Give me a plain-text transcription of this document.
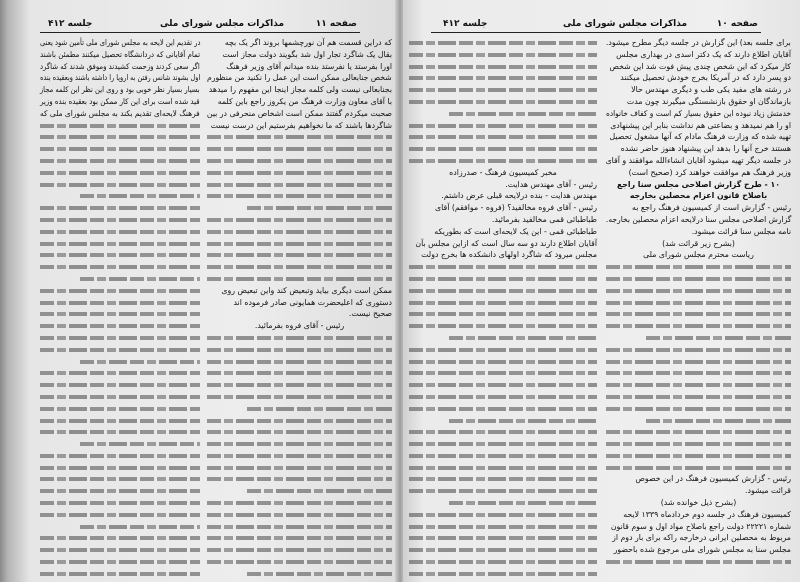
صفحه ۱۱
مذاکرات مجلس شورای ملی
جلسه ۴۱۲
که دراین قسمت هم آن نورچشمها بروند اگر یک بچه
بقال یک شاگرد تجار اول شد بگویند دولت مجاز است
اورا بفرستد یا نفرستد بنده میدانم آقای وزیر فرهنگ
شخص جنابعالی ممکن است این عمل را نکنید من منظورم
بجنابعالی نیست ولی کلمه مجاز اینجا این مفهوم را میدهد
با آقای معاون وزارت فرهنگ من یکروز راجع باین کلمه
صحبت میکردم گفتند ممکن است اشخاص منحرفی در بین
شاگردها باشند که ما نخواهیم بفرستیم این درست نیست
ممکن است دیگری بیاید وتبعیض کند واین تبعیض روی
دستوری که اعلیحضرت همایونی صادر فرموده اند
صحیح نیست.
رئیس - آقای فروه بفرمائید.
در تقدیم این لایحه به مجلس شورای ملی تأمین شود یعنی
تمام آقایانی که دردانشگاه تحصیل میکنند مطمئن باشند
اگر سعی کردند وزحمت کشیدند وموفق شدند که شاگرد
اول بشوند شانس رفتن به اروپا را داشته باشند وبعقیده بنده
بسیار بسیار نظر خوبی بود و روی این نظر این کلمه مجاز
قید شده است برای این کار ممکن بود بعقیده بنده وزیر
فرهنگ لایحه‌ای تقدیم بکند به مجلس شورای ملی که
صفحه ۱۰
مذاکرات مجلس شورای ملی
جلسه ۴۱۲
برای جلسه بعد) این گزارش در جلسه دیگر مطرح میشود.
آقایان اطلاع دارند که یک دکتر اسدی در بهداری مجلس
کار میکرد که این شخص چندی پیش فوت شد این شخص
دو پسر دارد که در آمریکا بخرج خودش تحصیل میکنند
در رشته های مفید یکی طب و دیگری مهندس حالا
بازماندگان او حقوق بازنشستگی میگیرند چون مدت
خدمتش زیاد نبوده این حقوق بسیار کم است و کفاف خانواده
او را هم نمیدهد و بضاعتی هم نداشت بنابر این پیشنهادی
تهیه شده که وزارت فرهنگ مادام که آنها مشغول تحصیل
هستند خرج آنها را بدهد این پیشنهاد هنوز حاضر نشده
در جلسه دیگر تهیه میشود آقایان انشاءالله موافقند و آقای
وزیر فرهنگ هم موافقت خواهند کرد (صحیح است)
۱۰ - طرح گزارش اصلاحی مجلس سنا راجع
باصلاح قانون اعزام محصلین بخارجه
رئیس - گزارش است از کمیسیون فرهنگ راجع به
گزارش اصلاحی مجلس سنا درلایحه اعزام محصلین بخارجه.
نامه مجلس سنا قرائت میشود.
(بشرح زیر قرائت شد)
ریاست محترم مجلس شورای ملی
رئیس - گزارش کمیسیون فرهنگ در این خصوص
قرائت میشود.
(بشرح ذیل خوانده شد)
کمیسیون فرهنگ در جلسه دوم خردادماه ۱۳۳۹ لایحه
شماره ۲۲۲۲۱ دولت راجع باصلاح مواد اول و سوم قانون
مربوط به محصلین ایرانی درخارجه راکه برای بار دوم از
مجلس سنا به مجلس شورای ملی مرجوع شده باحضور
مخبر کمیسیون فرهنگ - صدرزاده
رئیس - آقای مهندس هدایت.
مهندس هدایت - بنده درلایحه قبلی عرض داشتم.
رئیس - آقای فروه مخالفید؟ (فروه - موافقم) آقای
طباطبائی قمی مخالفید بفرمائید.
طباطبائی قمی - این یک لایحه‌ای است که بطوریکه
آقایان اطلاع دارند دو سه سال است که ازاین مجلس بآن
مجلس میرود که شاگرد اولهای دانشکده ها بخرج دولت
